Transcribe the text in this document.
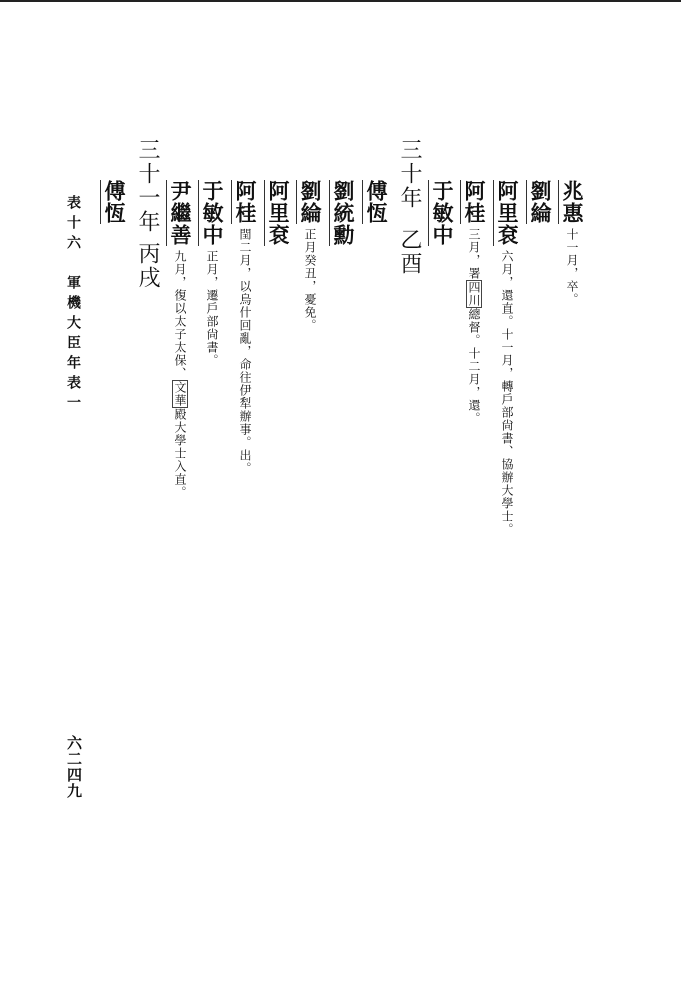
兆惠十一月，卒。
劉綸
阿里袞六月，還直。十一月，轉戶部尙書、協辦大學士。
阿桂三月，署四川總督。十二月，還。
于敏中
三十年乙酉
傅恆
劉統勳
劉綸正月癸丑，憂免。
阿里袞
阿桂閏二月，以烏什回亂，命往伊犁辦事。出。
于敏中正月，遷戶部尙書。
尹繼善九月，復以太子太保、文華殿大學士入直。
三十一年丙戌
傅恆
表十六軍機大臣年表一
六二四九
